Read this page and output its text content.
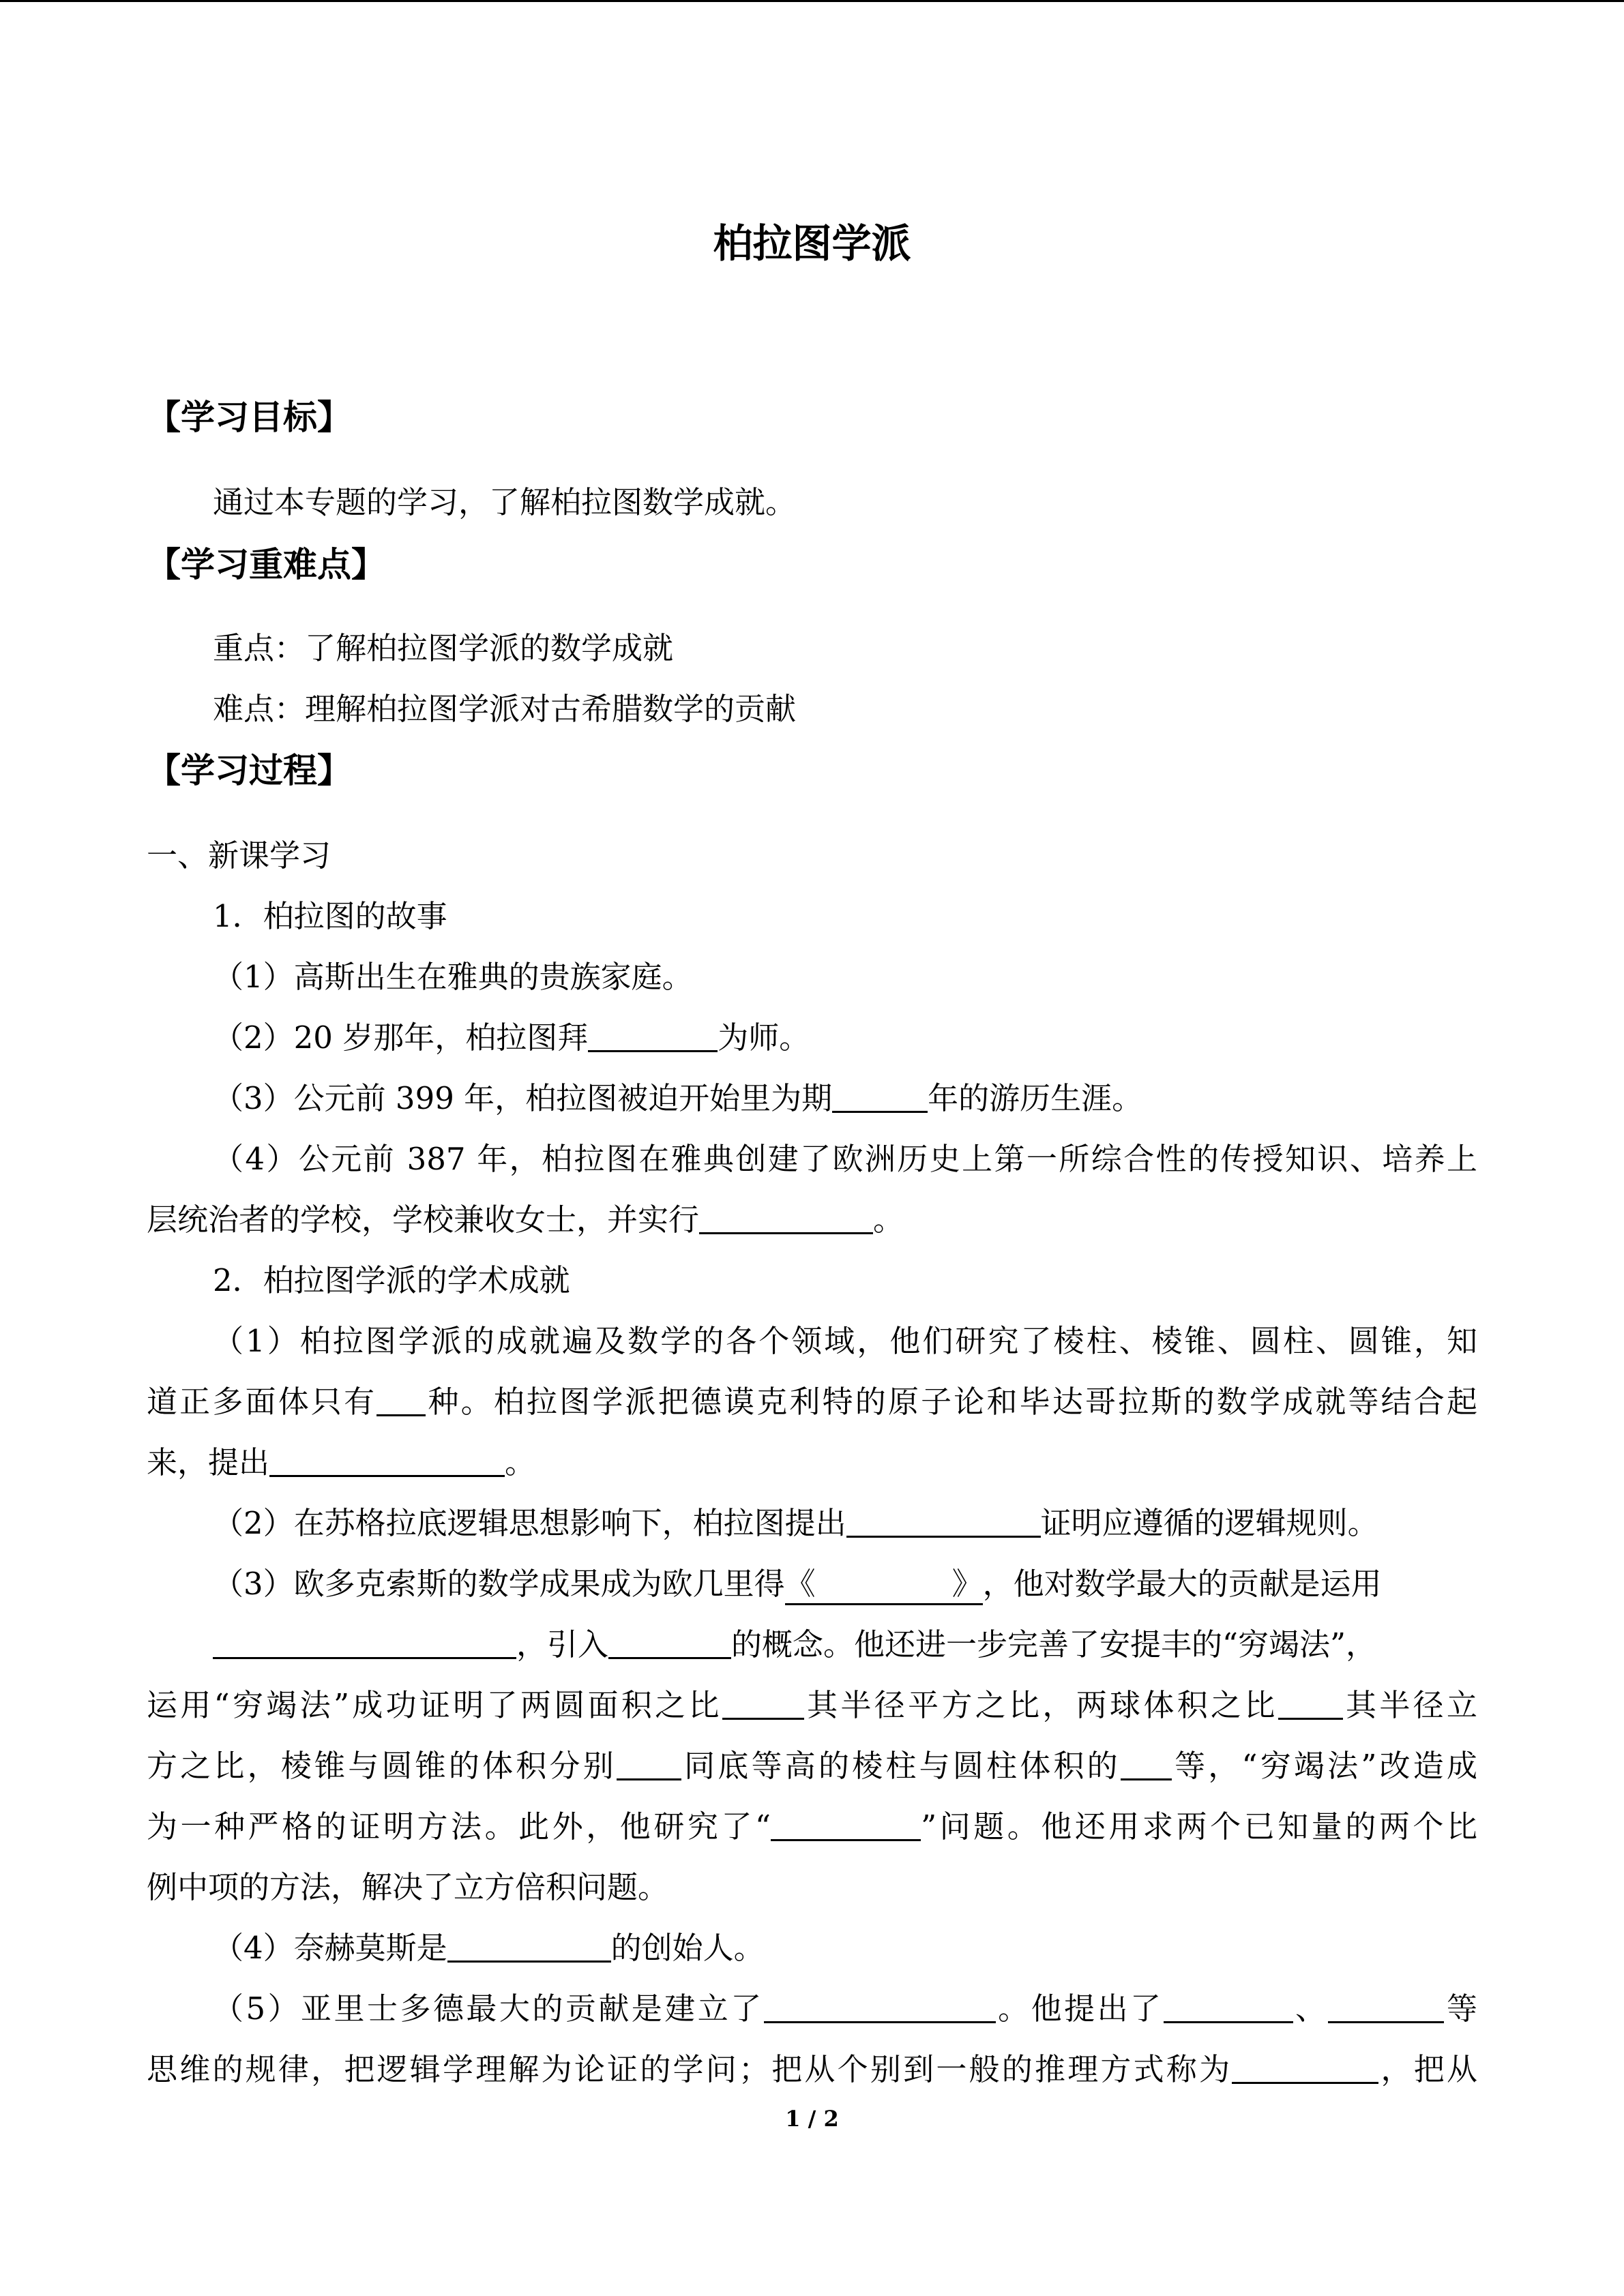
柏拉图学派
【学习目标】
通过本专题的学习，了解柏拉图数学成就。
【学习重难点】
重点：了解柏拉图学派的数学成就
难点：理解柏拉图学派对古希腊数学的贡献
【学习过程】
一、新课学习
1．柏拉图的故事
（1）高斯出生在雅典的贵族家庭。
（2）20 岁那年，柏拉图拜	为师。
（3）公元前 399 年，柏拉图被迫开始里为期	年的游历生涯。
（4）公元前 387 年，柏拉图在雅典创建了欧洲历史上第一所综合性的传授知识、培养上
层统治者的学校，学校兼收女士，并实行	。
2．柏拉图学派的学术成就
（1）柏拉图学派的成就遍及数学的各个领域，他们研究了棱柱、棱锥、圆柱、圆锥，知
道正多面体只有 种。柏拉图学派把德谟克利特的原子论和毕达哥拉斯的数学成就等结合起
来，提出	。
（2）在苏格拉底逻辑思想影响下，柏拉图提出	证明应遵循的逻辑规则。
（3）欧多克索斯的数学成果成为欧几里得《	》，他对数学最大的贡献是运用
，引入	的概念。他还进一步完善了安提丰的“穷竭法”，
运用“穷竭法”成功证明了两圆面积之比	其半径平方之比，两球体积之比 其半径立
方之比，棱锥与圆锥的体积分别 同底等高的棱柱与圆柱体积的 等，“穷竭法”改造成
为一种严格的证明方法。此外，他研究了“	”问题。他还用求两个已知量的两个比
例中项的方法，解决了立方倍积问题。
（4）奈赫莫斯是	的创始人。
（5）亚里士多德最大的贡献是建立了	。他提出了	、	等
思维的规律，把逻辑学理解为论证的学问；把从个别到一般的推理方式称为	，把从
1 / 2
